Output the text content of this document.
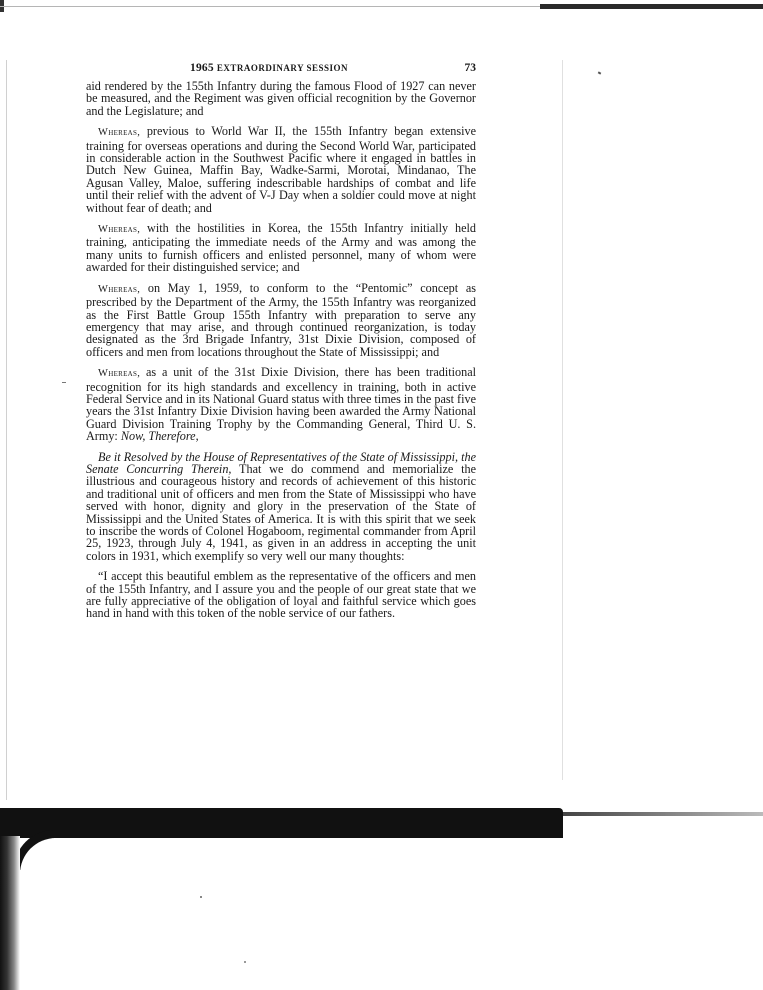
1965 EXTRAORDINARY SESSION	73

aid rendered by the 155th Infantry during the famous Flood of 1927 can never be measured, and the Regiment was given official recognition by the Governor and the Legislature; and

Whereas, previous to World War II, the 155th Infantry began extensive training for overseas operations and during the Second World War, participated in considerable action in the Southwest Pacific where it engaged in battles in Dutch New Guinea, Maffin Bay, Wadke-Sarmi, Morotai, Mindanao, The Agusan Valley, Maloe, suffering indescribable hardships of combat and life until their relief with the advent of V-J Day when a soldier could move at night without fear of death; and

Whereas, with the hostilities in Korea, the 155th Infantry initially held training, anticipating the immediate needs of the Army and was among the many units to furnish officers and enlisted personnel, many of whom were awarded for their distinguished service; and

Whereas, on May 1, 1959, to conform to the “Pentomic” concept as prescribed by the Department of the Army, the 155th Infantry was reorganized as the First Battle Group 155th Infantry with preparation to serve any emergency that may arise, and through continued reorganization, is today designated as the 3rd Brigade Infantry, 31st Dixie Division, composed of officers and men from locations throughout the State of Mississippi; and

Whereas, as a unit of the 31st Dixie Division, there has been traditional recognition for its high standards and excellency in training, both in active Federal Service and in its National Guard status with three times in the past five years the 31st Infantry Dixie Division having been awarded the Army National Guard Division Training Trophy by the Commanding General, Third U. S. Army: Now, Therefore,

Be it Resolved by the House of Representatives of the State of Mississippi, the Senate Concurring Therein, That we do commend and memorialize the illustrious and courageous history and records of achievement of this historic and traditional unit of officers and men from the State of Mississippi who have served with honor, dignity and glory in the preservation of the State of Mississippi and the United States of America. It is with this spirit that we seek to inscribe the words of Colonel Hogaboom, regimental commander from April 25, 1923, through July 4, 1941, as given in an address in accepting the unit colors in 1931, which exemplify so very well our many thoughts:

“I accept this beautiful emblem as the representative of the officers and men of the 155th Infantry, and I assure you and the people of our great state that we are fully appreciative of the obligation of loyal and faithful service which goes hand in hand with this token of the noble service of our fathers.
